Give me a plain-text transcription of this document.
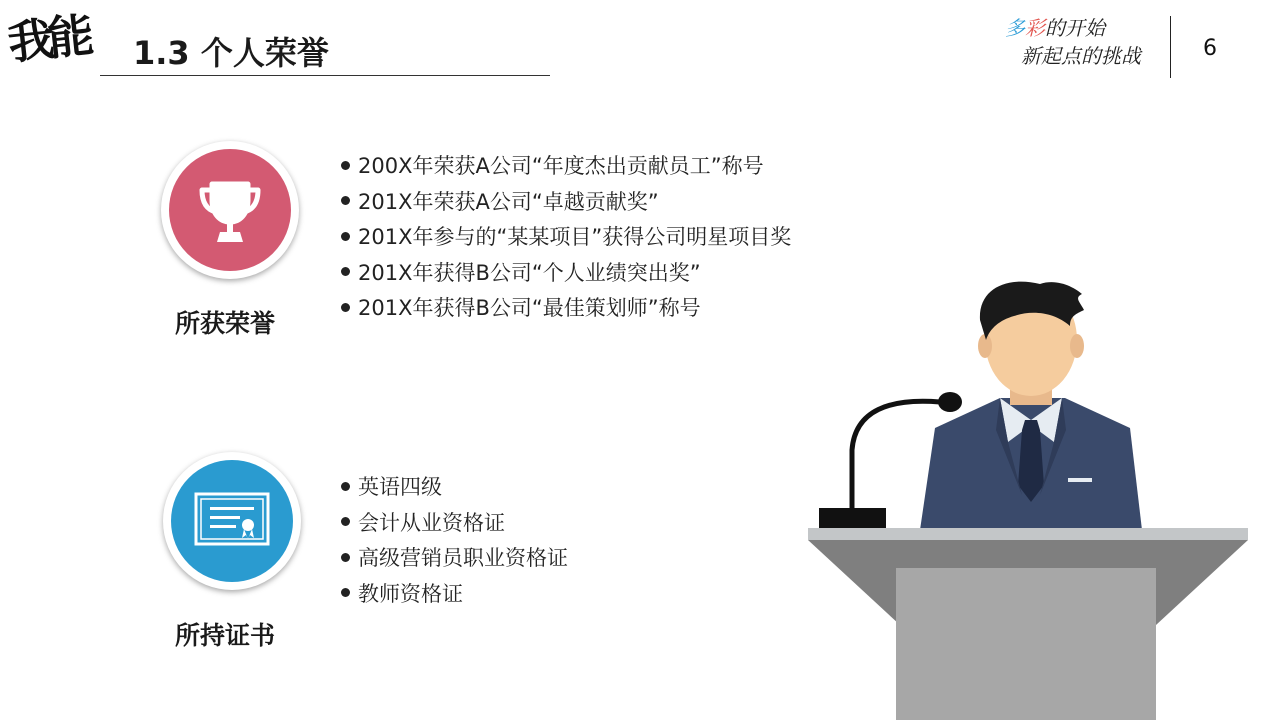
我能 1.3 个人荣誉
多彩的开始
新起点的挑战	6
所获荣誉
200X年荣获A公司“年度杰出贡献员工”称号
201X年荣获A公司“卓越贡献奖”
201X年参与的“某某项目”获得公司明星项目奖
201X年获得B公司“个人业绩突出奖”
201X年获得B公司“最佳策划师”称号
所持证书
英语四级
会计从业资格证
高级营销员职业资格证
教师资格证
